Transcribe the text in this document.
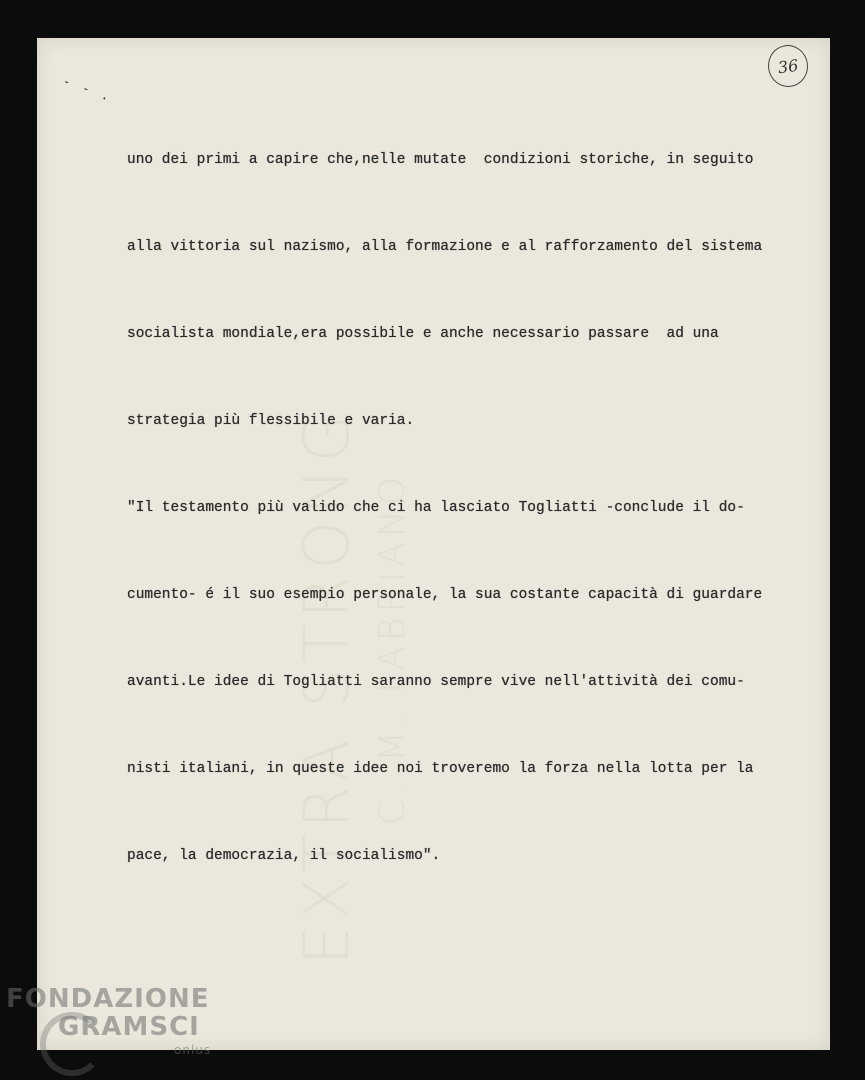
EXTRA STRONG C. M. FABRIANO
36
- - .

uno dei primi a capire che,nelle mutate  condizioni storiche, in seguito

alla vittoria sul nazismo, alla formazione e al rafforzamento del sistema

socialista mondiale,era possibile e anche necessario passare  ad una

strategia più flessibile e varia.

"Il testamento più valido che ci ha lasciato Togliatti -conclude il do-

cumento- é il suo esempio personale, la sua costante capacità di guardare

avanti.Le idee di Togliatti saranno sempre vive nell'attività dei comu-

nisti italiani, in queste idee noi troveremo la forza nella lotta per la

pace, la democrazia, il socialismo".

FONDAZIONE
GRAMSCI
onlus
